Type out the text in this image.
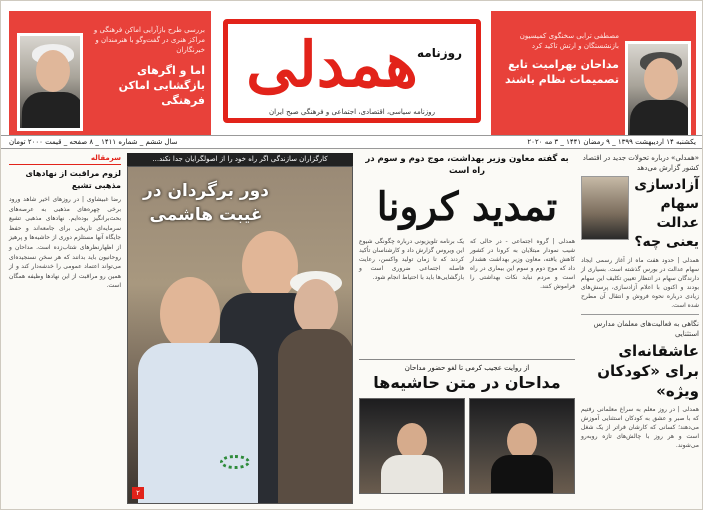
بررسی طرح بازآرایی اماکن فرهنگی و مراکز هنری در گفت‌وگو با هنرمندان و خبرنگاران
اما و اگرهای
بازگشایی اماکن فرهنگی همدلی روزنامه
روزنامه سیاسی، اقتصادی، اجتماعی و فرهنگی صبح ایران
مصطفی ترابی سخنگوی کمیسیون بازنشستگان و ارتش تاکید کرد
مداحان بهرامیت تابع
تصمیمات نظام باشند
یکشنبه ۱۴ اردیبهشت ۱۳۹۹ _ ۹ رمضان ۱۴۴۱ _ ۳ مه ۲۰۲۰
سال ششم _ شماره ۱۴۱۱ _ ۸ صفحه _ قیمت ۲۰۰۰ تومان
«همدلی» درباره تحولات جدید در اقتصاد کشور گزارش می‌دهد
آزادسازی سهام عدالت یعنی چه؟
همدلی | حدود هفت ماه از آغاز رسمی ایجاد سهام عدالت در بورس گذشته است. بسیاری از دارندگان سهام در انتظار تعیین تکلیف این سهام بودند و اکنون با اعلام آزادسازی، پرسش‌های زیادی درباره نحوه فروش و انتقال آن مطرح شده است.
نگاهی به فعالیت‌های معلمان مدارس استثنایی
عاشقانه‌ای برای «کودکان ویژه»
همدلی | در روز معلم به سراغ معلمانی رفتیم که با صبر و عشق به کودکان استثنایی آموزش می‌دهند؛ کسانی که کارشان فراتر از یک شغل است و هر روز با چالش‌های تازه روبه‌رو می‌شوند.
به گفته معاون وزیر بهداشت، موج دوم و سوم در راه است
تمدید کرونا
همدلی | گروه اجتماعی - در حالی که شیب نمودار مبتلایان به کرونا در کشور کاهش یافته، معاون وزیر بهداشت هشدار داد که موج دوم و سوم این بیماری در راه است و مردم نباید نکات بهداشتی را فراموش کنند.
یک برنامه تلویزیونی درباره چگونگی شیوع این ویروس گزارش داد و کارشناسان تأکید کردند که تا زمان تولید واکسن، رعایت فاصله اجتماعی ضروری است و بازگشایی‌ها باید با احتیاط انجام شود.
از روایت عجیب کرمی تا لغو حضور مداحان
مداحان در متن حاشیه‌ها
کارگزاران سازندگی اگر راه خود را از اصولگرایان جدا نکند...
۲
دور برگردان در غیبت هاشمی
سرمقاله
لزوم مراقبت از نهادهای مذهبی تشیع
رضا غبیشاوی | در روزهای اخیر شاهد ورود برخی چهره‌های مذهبی به عرصه‌های بحث‌برانگیز بوده‌ایم. نهادهای مذهبی تشیع سرمایه‌ای تاریخی برای جامعه‌اند و حفظ جایگاه آنها مستلزم دوری از حاشیه‌ها و پرهیز از اظهارنظرهای شتاب‌زده است. مداحان و روحانیون باید بدانند که هر سخن نسنجیده‌ای می‌تواند اعتماد عمومی را خدشه‌دار کند و از همین رو مراقبت از این نهادها وظیفه همگان است.
